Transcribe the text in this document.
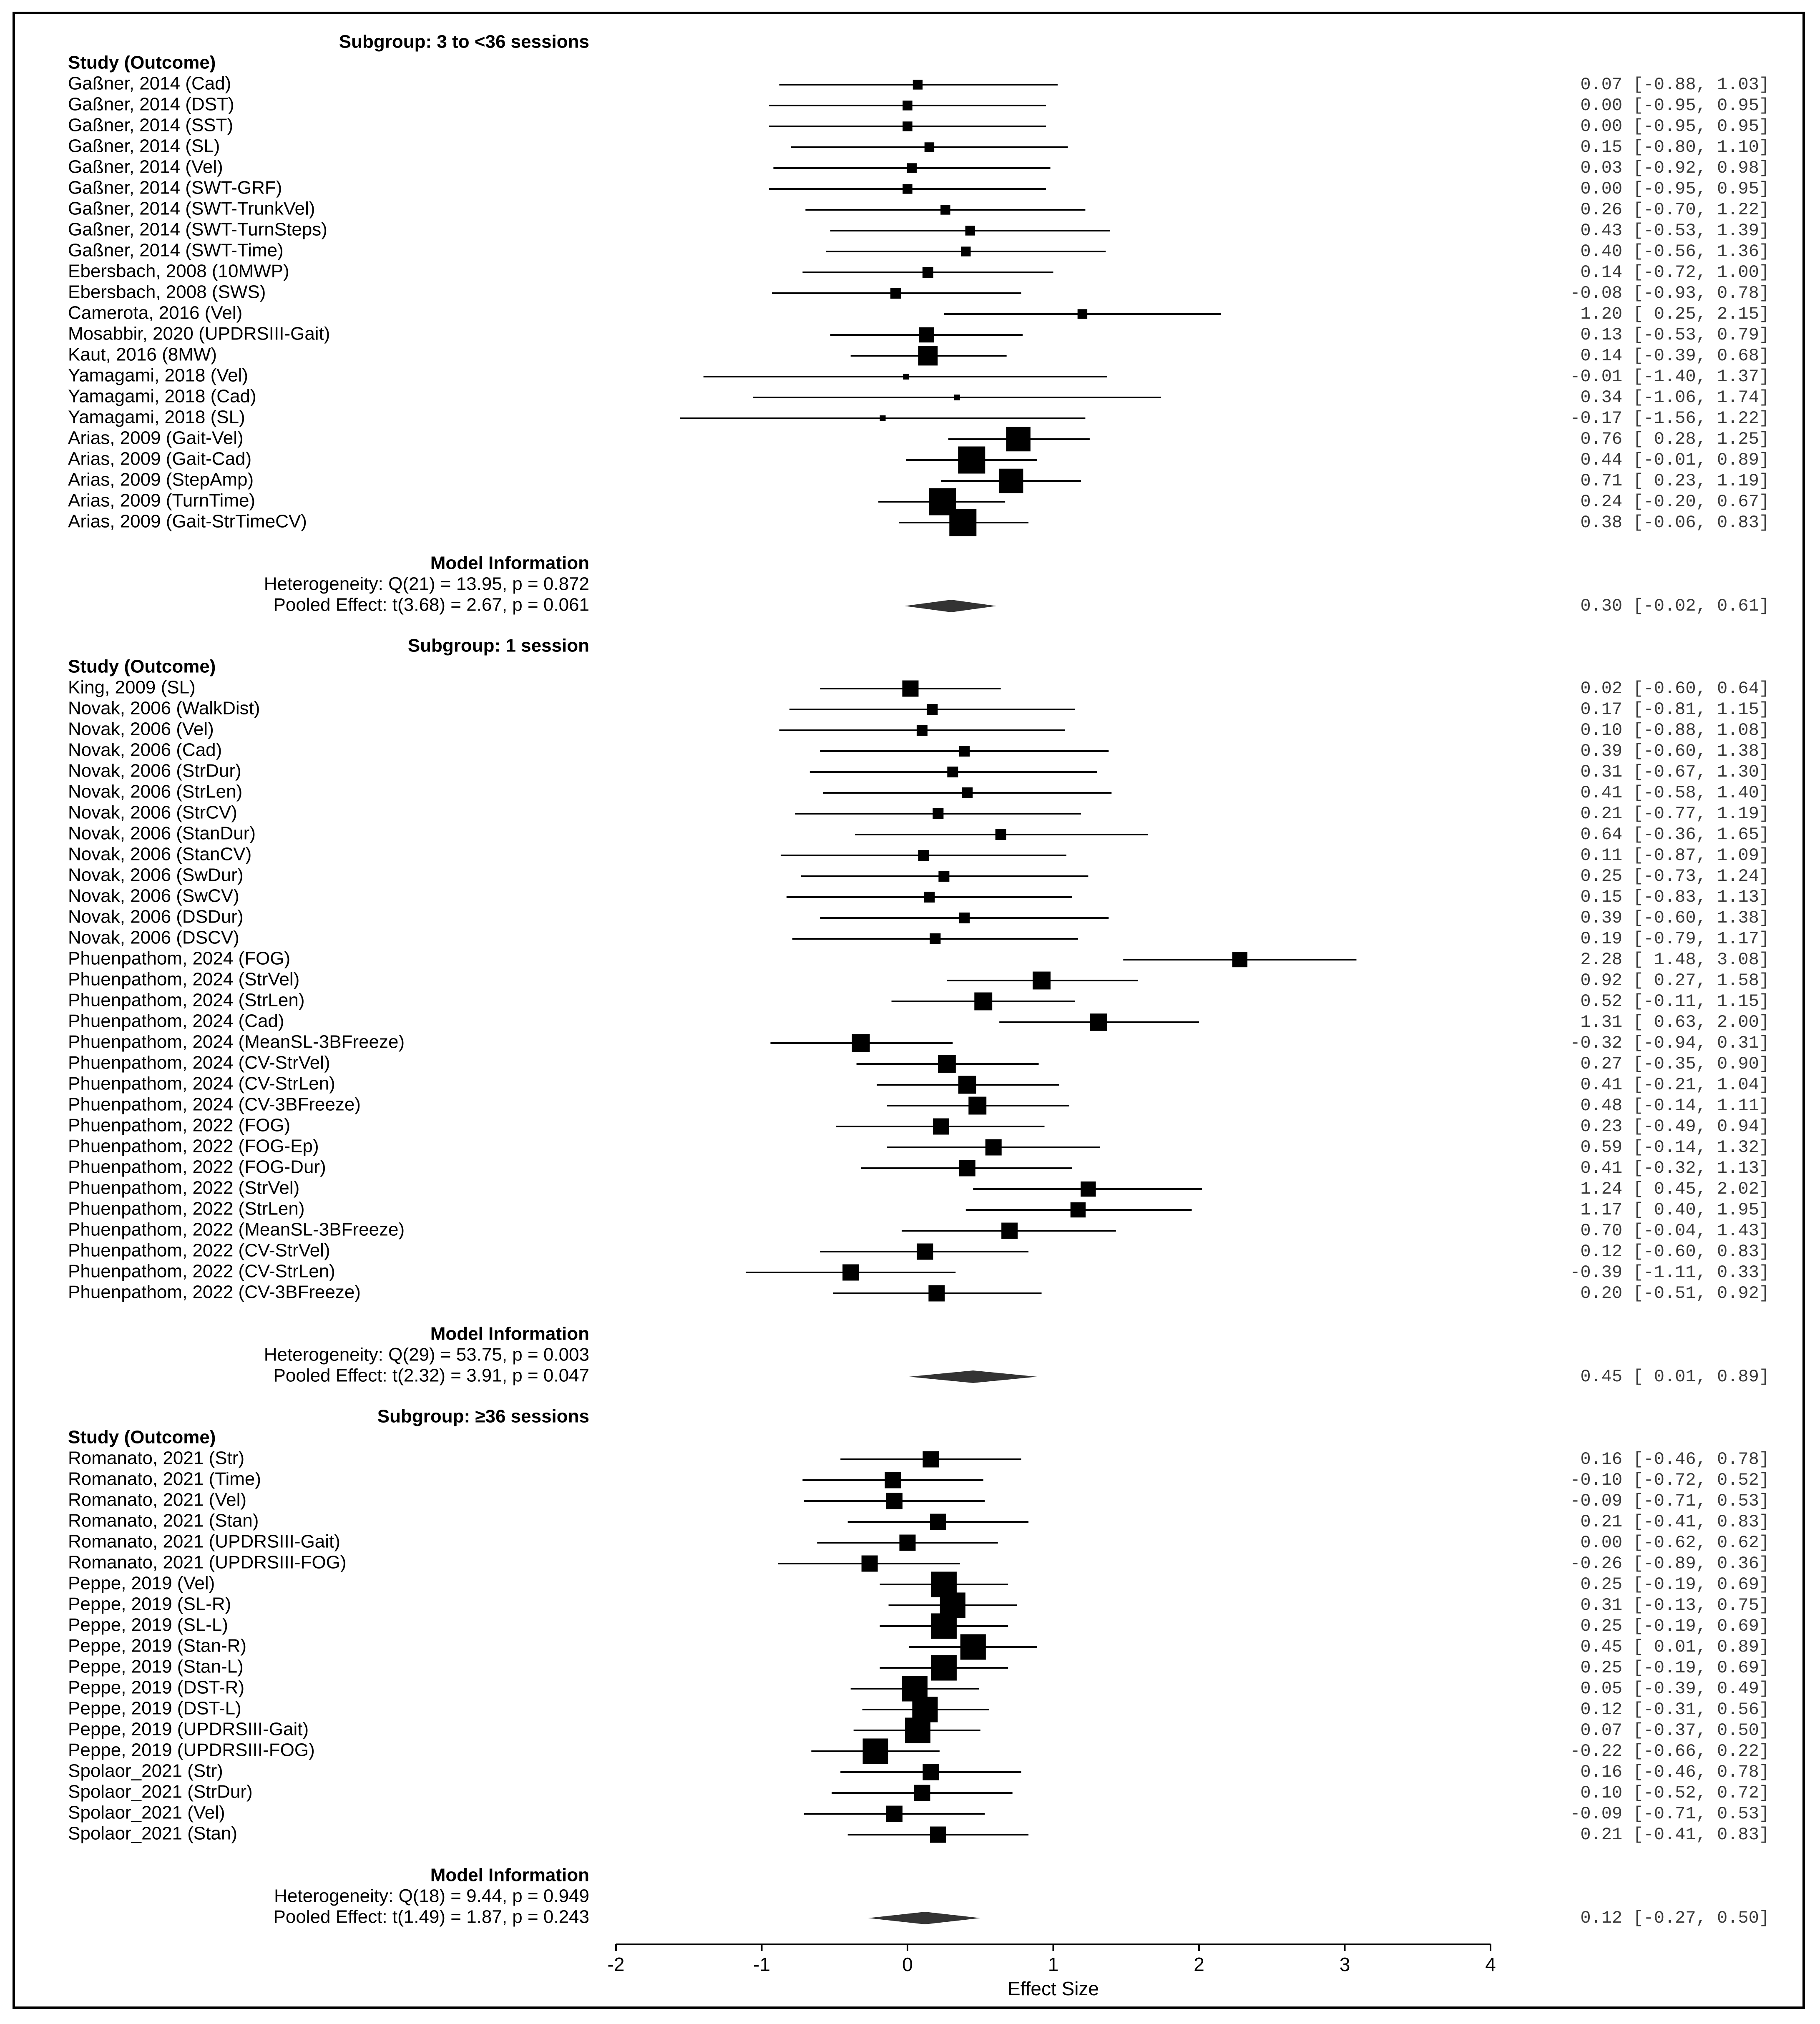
Subgroup: 3 to <36 sessions
Study (Outcome)
Gaßner, 2014 (Cad)	0.07 [-0.88, 1.03]
Gaßner, 2014 (DST)	0.00 [-0.95, 0.95]
Gaßner, 2014 (SST)	0.00 [-0.95, 0.95]
Gaßner, 2014 (SL)	0.15 [-0.80, 1.10]
Gaßner, 2014 (Vel)	0.03 [-0.92, 0.98]
Gaßner, 2014 (SWT-GRF)	0.00 [-0.95, 0.95]
Gaßner, 2014 (SWT-TrunkVel)	0.26 [-0.70, 1.22]
Gaßner, 2014 (SWT-TurnSteps)	0.43 [-0.53, 1.39]
Gaßner, 2014 (SWT-Time)	0.40 [-0.56, 1.36]
Ebersbach, 2008 (10MWP)	0.14 [-0.72, 1.00]
Ebersbach, 2008 (SWS)	-0.08 [-0.93, 0.78]
Camerota, 2016 (Vel)	1.20 [ 0.25, 2.15]
Mosabbir, 2020 (UPDRSIII-Gait)	0.13 [-0.53, 0.79]
Kaut, 2016 (8MW)	0.14 [-0.39, 0.68]
Yamagami, 2018 (Vel)	-0.01 [-1.40, 1.37]
Yamagami, 2018 (Cad)	0.34 [-1.06, 1.74]
Yamagami, 2018 (SL)	-0.17 [-1.56, 1.22]
Arias, 2009 (Gait-Vel)	0.76 [ 0.28, 1.25]
Arias, 2009 (Gait-Cad)	0.44 [-0.01, 0.89]
Arias, 2009 (StepAmp)	0.71 [ 0.23, 1.19]
Arias, 2009 (TurnTime)	0.24 [-0.20, 0.67]
Arias, 2009 (Gait-StrTimeCV)	0.38 [-0.06, 0.83]
Model Information
Heterogeneity: Q(21) = 13.95, p = 0.872
Pooled Effect: t(3.68) = 2.67, p = 0.061	0.30 [-0.02, 0.61]
Subgroup: 1 session
Study (Outcome)
King, 2009 (SL)	0.02 [-0.60, 0.64]
Novak, 2006 (WalkDist)	0.17 [-0.81, 1.15]
Novak, 2006 (Vel)	0.10 [-0.88, 1.08]
Novak, 2006 (Cad)	0.39 [-0.60, 1.38]
Novak, 2006 (StrDur)	0.31 [-0.67, 1.30]
Novak, 2006 (StrLen)	0.41 [-0.58, 1.40]
Novak, 2006 (StrCV)	0.21 [-0.77, 1.19]
Novak, 2006 (StanDur)	0.64 [-0.36, 1.65]
Novak, 2006 (StanCV)	0.11 [-0.87, 1.09]
Novak, 2006 (SwDur)	0.25 [-0.73, 1.24]
Novak, 2006 (SwCV)	0.15 [-0.83, 1.13]
Novak, 2006 (DSDur)	0.39 [-0.60, 1.38]
Novak, 2006 (DSCV)	0.19 [-0.79, 1.17]
Phuenpathom, 2024 (FOG)	2.28 [ 1.48, 3.08]
Phuenpathom, 2024 (StrVel)	0.92 [ 0.27, 1.58]
Phuenpathom, 2024 (StrLen)	0.52 [-0.11, 1.15]
Phuenpathom, 2024 (Cad)	1.31 [ 0.63, 2.00]
Phuenpathom, 2024 (MeanSL-3BFreeze)	-0.32 [-0.94, 0.31]
Phuenpathom, 2024 (CV-StrVel)	0.27 [-0.35, 0.90]
Phuenpathom, 2024 (CV-StrLen)	0.41 [-0.21, 1.04]
Phuenpathom, 2024 (CV-3BFreeze)	0.48 [-0.14, 1.11]
Phuenpathom, 2022 (FOG)	0.23 [-0.49, 0.94]
Phuenpathom, 2022 (FOG-Ep)	0.59 [-0.14, 1.32]
Phuenpathom, 2022 (FOG-Dur)	0.41 [-0.32, 1.13]
Phuenpathom, 2022 (StrVel)	1.24 [ 0.45, 2.02]
Phuenpathom, 2022 (StrLen)	1.17 [ 0.40, 1.95]
Phuenpathom, 2022 (MeanSL-3BFreeze)	0.70 [-0.04, 1.43]
Phuenpathom, 2022 (CV-StrVel)	0.12 [-0.60, 0.83]
Phuenpathom, 2022 (CV-StrLen)	-0.39 [-1.11, 0.33]
Phuenpathom, 2022 (CV-3BFreeze)	0.20 [-0.51, 0.92]
Model Information
Heterogeneity: Q(29) = 53.75, p = 0.003
Pooled Effect: t(2.32) = 3.91, p = 0.047	0.45 [ 0.01, 0.89]
Subgroup: ≥36 sessions
Study (Outcome)
Romanato, 2021 (Str)	0.16 [-0.46, 0.78]
Romanato, 2021 (Time)	-0.10 [-0.72, 0.52]
Romanato, 2021 (Vel)	-0.09 [-0.71, 0.53]
Romanato, 2021 (Stan)	0.21 [-0.41, 0.83]
Romanato, 2021 (UPDRSIII-Gait)	0.00 [-0.62, 0.62]
Romanato, 2021 (UPDRSIII-FOG)	-0.26 [-0.89, 0.36]
Peppe, 2019 (Vel)	0.25 [-0.19, 0.69]
Peppe, 2019 (SL-R)	0.31 [-0.13, 0.75]
Peppe, 2019 (SL-L)	0.25 [-0.19, 0.69]
Peppe, 2019 (Stan-R)	0.45 [ 0.01, 0.89]
Peppe, 2019 (Stan-L)	0.25 [-0.19, 0.69]
Peppe, 2019 (DST-R)	0.05 [-0.39, 0.49]
Peppe, 2019 (DST-L)	0.12 [-0.31, 0.56]
Peppe, 2019 (UPDRSIII-Gait)	0.07 [-0.37, 0.50]
Peppe, 2019 (UPDRSIII-FOG)	-0.22 [-0.66, 0.22]
Spolaor_2021 (Str)	0.16 [-0.46, 0.78]
Spolaor_2021 (StrDur)	0.10 [-0.52, 0.72]
Spolaor_2021 (Vel)	-0.09 [-0.71, 0.53]
Spolaor_2021 (Stan)	0.21 [-0.41, 0.83]
Model Information
Heterogeneity: Q(18) = 9.44, p = 0.949
Pooled Effect: t(1.49) = 1.87, p = 0.243	0.12 [-0.27, 0.50]
-2	-1	0	1	2	3	4
Effect Size
